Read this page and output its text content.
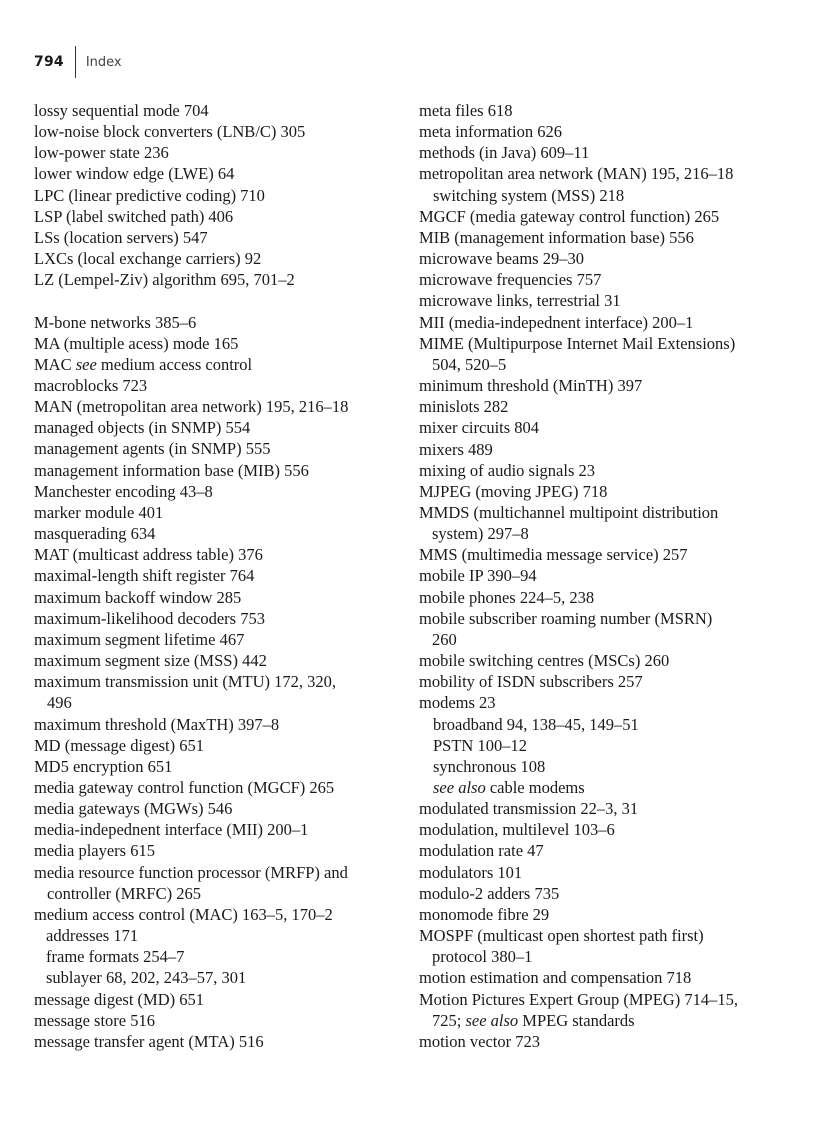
794 Index
lossy sequential mode 704
low-noise block converters (LNB/C) 305
low-power state 236
lower window edge (LWE) 64
LPC (linear predictive coding) 710
LSP (label switched path) 406
LSs (location servers) 547
LXCs (local exchange carriers) 92
LZ (Lempel-Ziv) algorithm 695, 701–2
M-bone networks 385–6
MA (multiple acess) mode 165
MAC see medium access control
macroblocks 723
MAN (metropolitan area network) 195, 216–18
managed objects (in SNMP) 554
management agents (in SNMP) 555
management information base (MIB) 556
Manchester encoding 43–8
marker module 401
masquerading 634
MAT (multicast address table) 376
maximal-length shift register 764
maximum backoff window 285
maximum-likelihood decoders 753
maximum segment lifetime 467
maximum segment size (MSS) 442
maximum transmission unit (MTU) 172, 320,
496
maximum threshold (MaxTH) 397–8
MD (message digest) 651
MD5 encryption 651
media gateway control function (MGCF) 265
media gateways (MGWs) 546
media-indepednent interface (MII) 200–1
media players 615
media resource function processor (MRFP) and
controller (MRFC) 265
medium access control (MAC) 163–5, 170–2
addresses 171
frame formats 254–7
sublayer 68, 202, 243–57, 301
message digest (MD) 651
message store 516
message transfer agent (MTA) 516
meta files 618
meta information 626
methods (in Java) 609–11
metropolitan area network (MAN) 195, 216–18
switching system (MSS) 218
MGCF (media gateway control function) 265
MIB (management information base) 556
microwave beams 29–30
microwave frequencies 757
microwave links, terrestrial 31
MII (media-indepednent interface) 200–1
MIME (Multipurpose Internet Mail Extensions)
504, 520–5
minimum threshold (MinTH) 397
minislots 282
mixer circuits 804
mixers 489
mixing of audio signals 23
MJPEG (moving JPEG) 718
MMDS (multichannel multipoint distribution
system) 297–8
MMS (multimedia message service) 257
mobile IP 390–94
mobile phones 224–5, 238
mobile subscriber roaming number (MSRN)
260
mobile switching centres (MSCs) 260
mobility of ISDN subscribers 257
modems 23
broadband 94, 138–45, 149–51
PSTN 100–12
synchronous 108
see also cable modems
modulated transmission 22–3, 31
modulation, multilevel 103–6
modulation rate 47
modulators 101
modulo-2 adders 735
monomode fibre 29
MOSPF (multicast open shortest path first)
protocol 380–1
motion estimation and compensation 718
Motion Pictures Expert Group (MPEG) 714–15,
725; see also MPEG standards
motion vector 723
